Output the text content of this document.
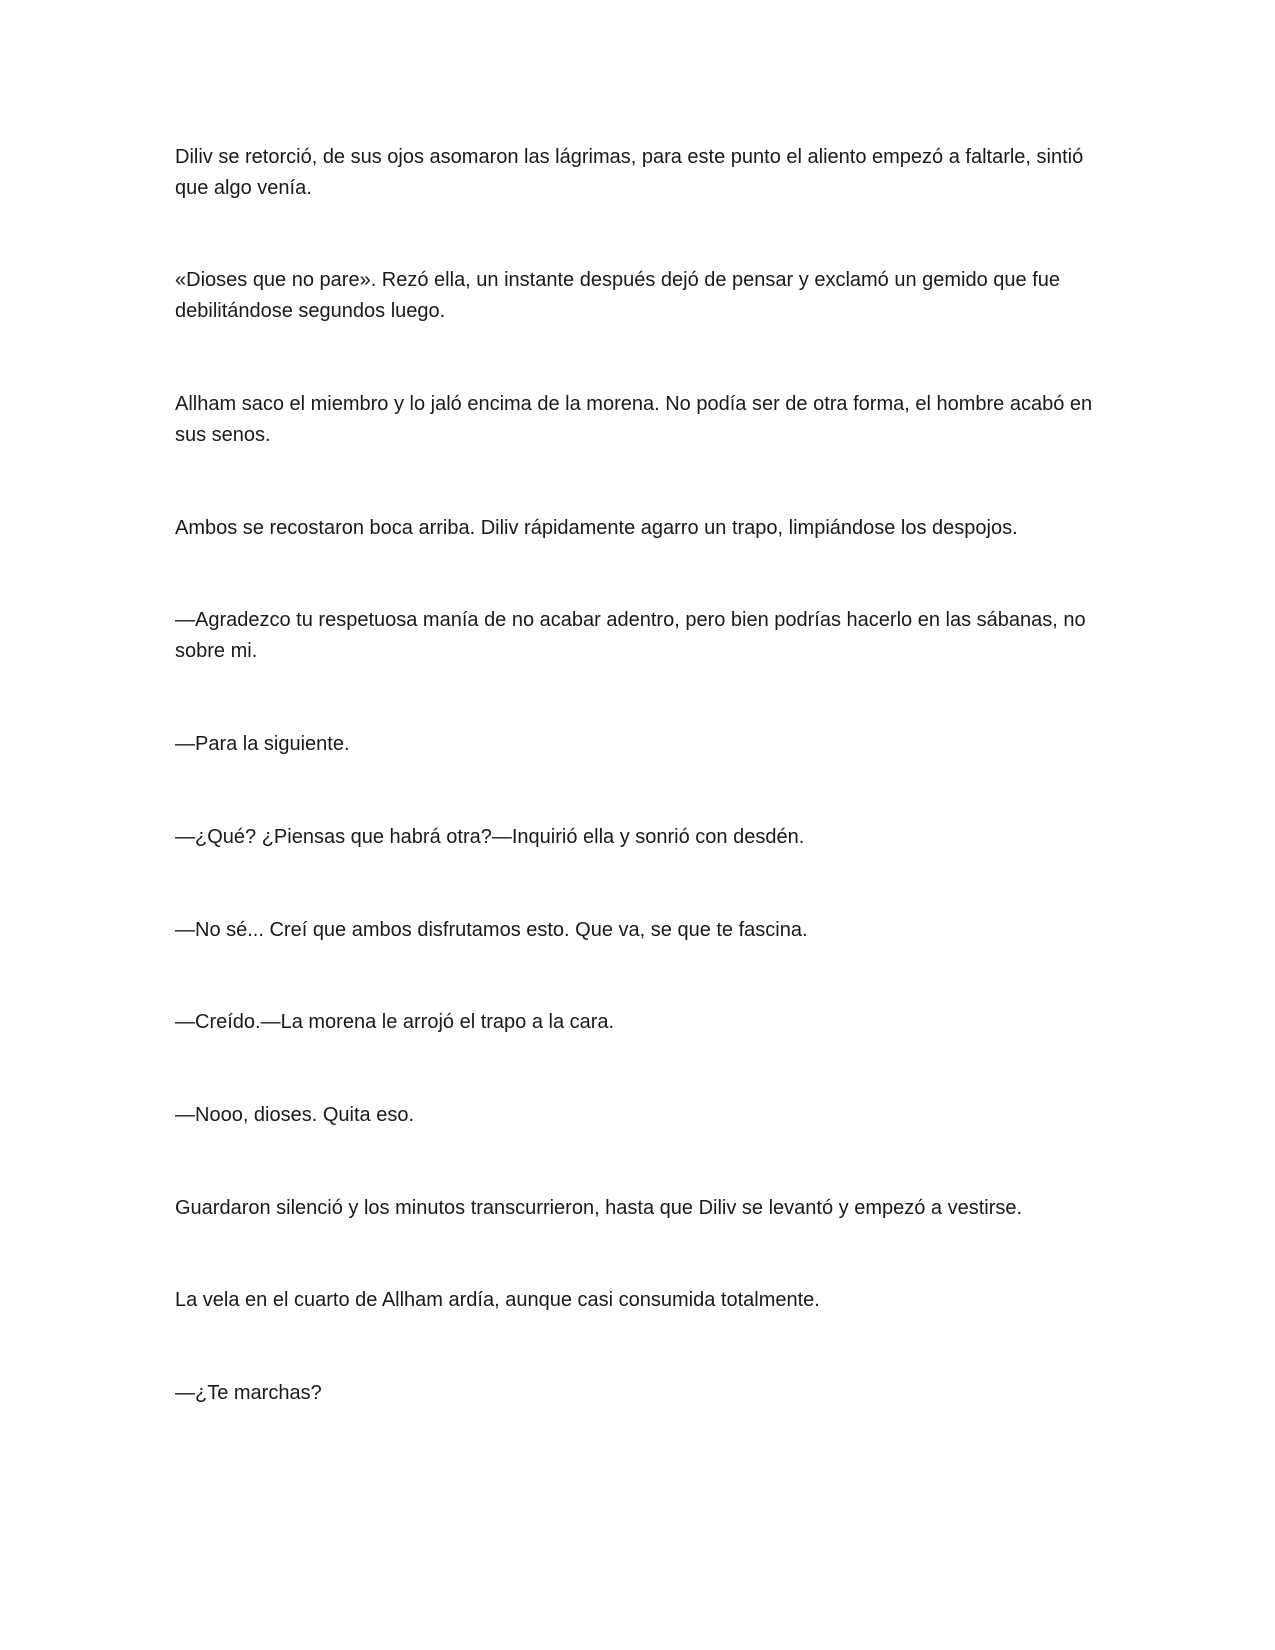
Diliv se retorció, de sus ojos asomaron las lágrimas, para este punto el aliento empezó a faltarle, sintió que algo venía.

«Dioses que no pare». Rezó ella, un instante después dejó de pensar y exclamó un gemido que fue debilitándose segundos luego.

Allham saco el miembro y lo jaló encima de la morena. No podía ser de otra forma, el hombre acabó en sus senos.

Ambos se recostaron boca arriba. Diliv rápidamente agarro un trapo, limpiándose los despojos.

—Agradezco tu respetuosa manía de no acabar adentro, pero bien podrías hacerlo en las sábanas, no sobre mi.

—Para la siguiente.

—¿Qué? ¿Piensas que habrá otra?—Inquirió ella y sonrió con desdén.

—No sé... Creí que ambos disfrutamos esto. Que va, se que te fascina.

—Creído.—La morena le arrojó el trapo a la cara.

—Nooo, dioses. Quita eso.

Guardaron silenció y los minutos transcurrieron, hasta que Diliv se levantó y empezó a vestirse.

La vela en el cuarto de Allham ardía, aunque casi consumida totalmente.

—¿Te marchas?
